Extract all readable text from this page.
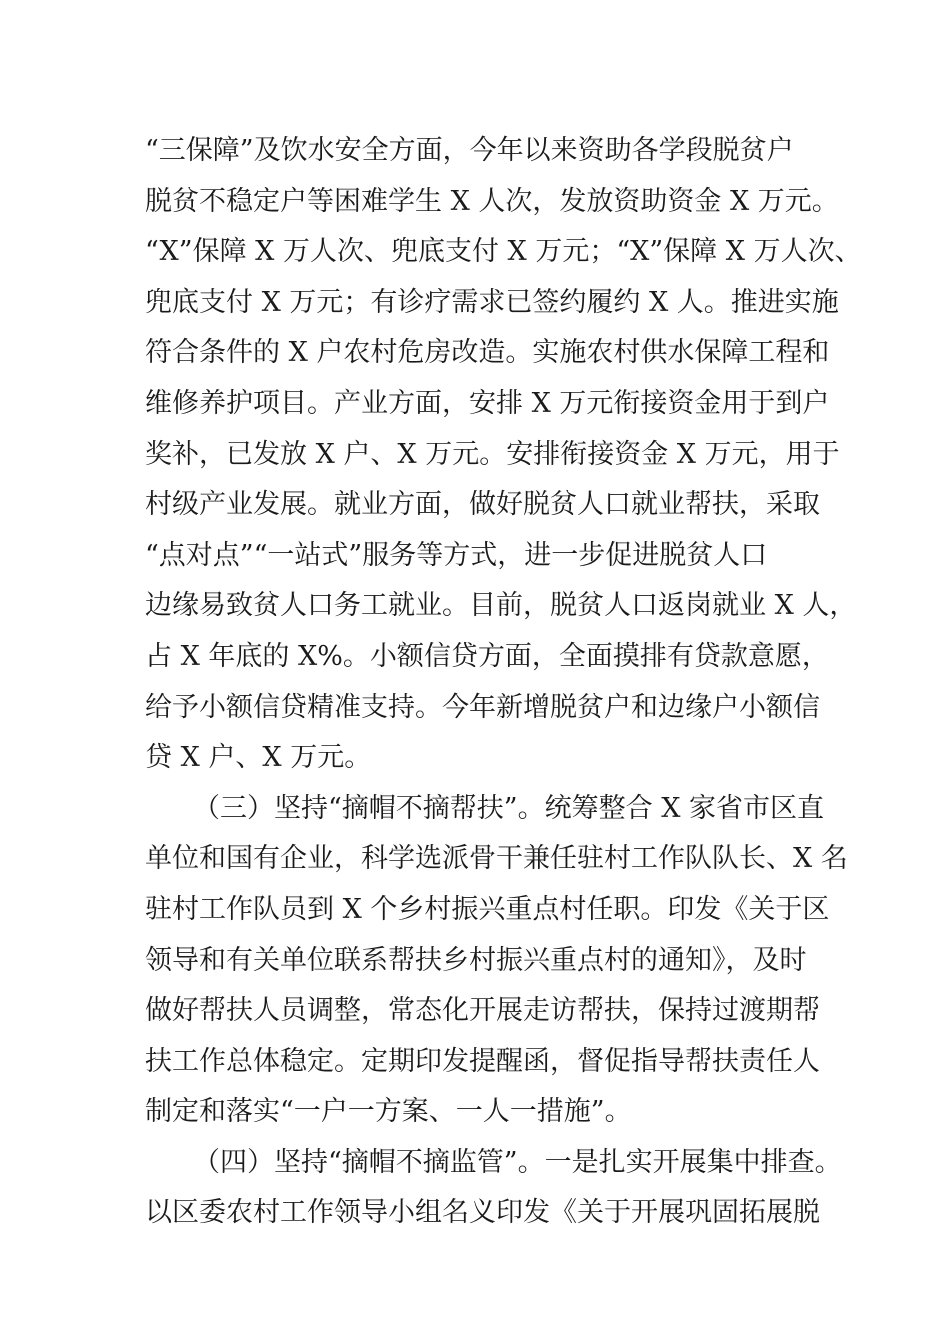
“三保障”及饮水安全方面，今年以来资助各学段脱贫户
脱贫不稳定户等困难学生 X 人次，发放资助资金 X 万元。
“X”保障 X 万人次、兜底支付 X 万元；“X”保障 X 万人次、
兜底支付 X 万元；有诊疗需求已签约履约 X 人。推进实施
符合条件的 X 户农村危房改造。实施农村供水保障工程和
维修养护项目。产业方面，安排 X 万元衔接资金用于到户
奖补，已发放 X 户、X 万元。安排衔接资金 X 万元，用于
村级产业发展。就业方面，做好脱贫人口就业帮扶，采取
“点对点”“一站式”服务等方式，进一步促进脱贫人口
边缘易致贫人口务工就业。目前，脱贫人口返岗就业 X 人，
占 X 年底的 X%。小额信贷方面，全面摸排有贷款意愿，
给予小额信贷精准支持。今年新增脱贫户和边缘户小额信
贷 X 户、X 万元。
（三）坚持“摘帽不摘帮扶”。统筹整合 X 家省市区直
单位和国有企业，科学选派骨干兼任驻村工作队队长、X 名
驻村工作队员到 X 个乡村振兴重点村任职。印发《关于区
领导和有关单位联系帮扶乡村振兴重点村的通知》，及时
做好帮扶人员调整，常态化开展走访帮扶，保持过渡期帮
扶工作总体稳定。定期印发提醒函，督促指导帮扶责任人
制定和落实“一户一方案、一人一措施”。
（四）坚持“摘帽不摘监管”。一是扎实开展集中排查。
以区委农村工作领导小组名义印发《关于开展巩固拓展脱
